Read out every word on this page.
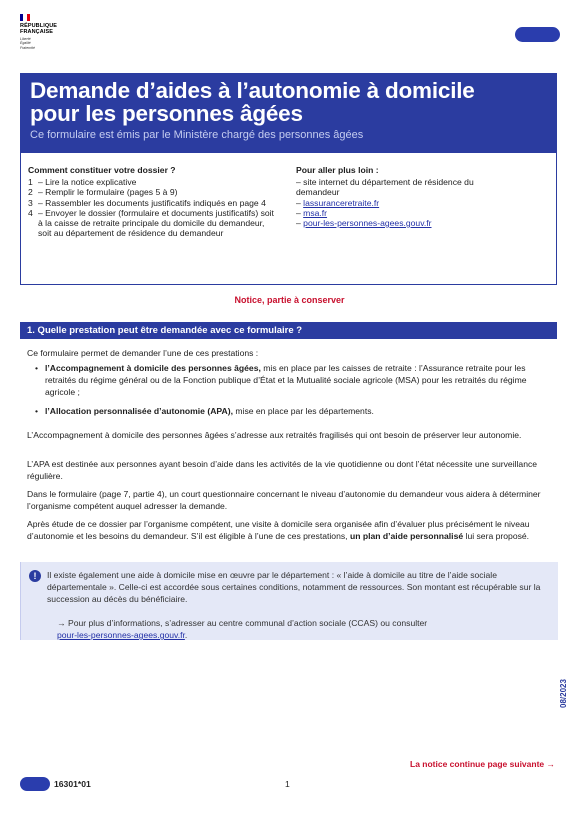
RÉPUBLIQUE
FRANÇAISE
Liberté
Égalité
Fraternité
Demande d’aides à l’autonomie à domicile
pour les personnes âgées
Ce formulaire est émis par le Ministère chargé des personnes âgées
Comment constituer votre dossier ?
1 – Lire la notice explicative
2 – Remplir le formulaire (pages 5 à 9)
3 – Rassembler les documents justificatifs indiqués en page 4
4 – Envoyer le dossier (formulaire et documents justificatifs) soit à la caisse de retraite principale du domicile du demandeur, soit au département de résidence du demandeur
Pour aller plus loin :
– site internet du département de résidence du demandeur
– lassuranceretraite.fr
– msa.fr
– pour-les-personnes-agees.gouv.fr
Notice, partie à conserver
1. Quelle prestation peut être demandée avec ce formulaire ?
Ce formulaire permet de demander l’une de ces prestations :
• l’Accompagnement à domicile des personnes âgées, mis en place par les caisses de retraite : l’Assurance retraite pour les retraités du régime général ou de la Fonction publique d’État et la Mutualité sociale agricole (MSA) pour les retraités du régime agricole ;
• l’Allocation personnalisée d’autonomie (APA), mise en place par les départements.
L’Accompagnement à domicile des personnes âgées s’adresse aux retraités fragilisés qui ont besoin de préserver leur autonomie.
L’APA est destinée aux personnes ayant besoin d’aide dans les activités de la vie quotidienne ou dont l’état nécessite une surveillance régulière.
Dans le formulaire (page 7, partie 4), un court questionnaire concernant le niveau d’autonomie du demandeur vous aidera à déterminer l’organisme compétent auquel adresser la demande.
Après étude de ce dossier par l’organisme compétent, une visite à domicile sera organisée afin d’évaluer plus précisément le niveau d’autonomie et les besoins du demandeur. S’il est éligible à l’une de ces prestations, un plan d’aide personnalisé lui sera proposé.
!	Il existe également une aide à domicile mise en œuvre par le département : « l’aide à domicile au titre de l’aide sociale départementale ». Celle-ci est accordée sous certaines conditions, notamment de ressources. Son montant est récupérable sur la succession au décès du bénéficiaire.
→ Pour plus d’informations, s’adresser au centre communal d’action sociale (CCAS) ou consulter
pour-les-personnes-agees.gouv.fr.
08/2023
La notice continue page suivante →
16301*01	1
